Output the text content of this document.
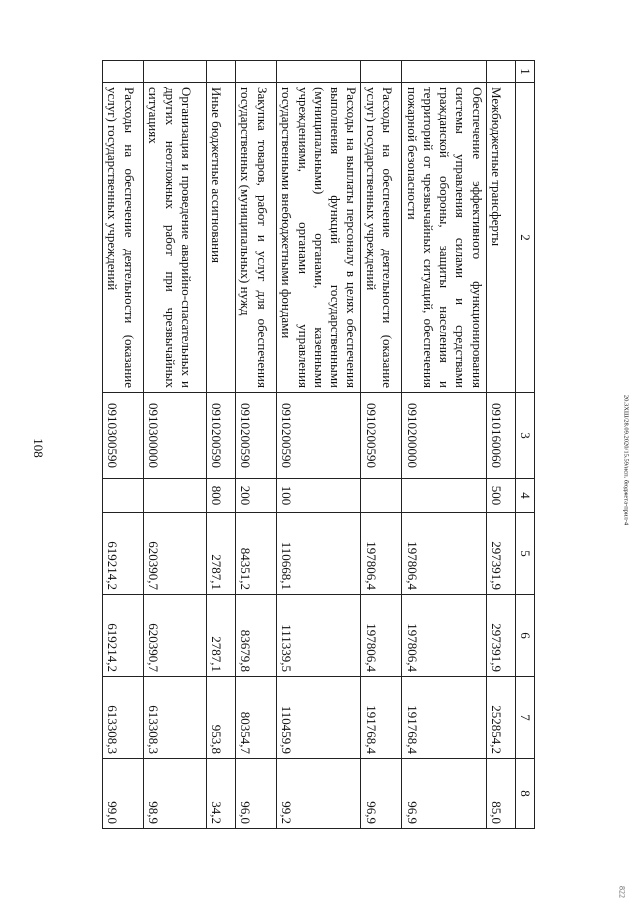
108
1	2	3	4	5	6	7	8
	Межбюджетные трансферты	0910160060	500	297391,9	297391,9	252854,2	85,0
	Обеспечение эффективного функционирования системы управления силами и средствами гражданской обороны, защиты населения и территорий от чрезвычайных ситуаций, обеспечения пожарной безопасности	0910200000		197806,4	197806,4	191768,4	96,9
	Расходы на обеспечение деятельности (оказание услуг) государственных учреждений	0910200590		197806,4	197806,4	191768,4	96,9
	Расходы на выплаты персоналу в целях обеспечения выполнения функций государственными (муниципальными) органами, казенными учреждениями, органами управления государственными внебюджетными фондами	0910200590	100	110668,1	111339,5	110459,9	99,2
	Закупка товаров, работ и услуг для обеспечения государственных (муниципальных) нужд	0910200590	200	84351,2	83679,8	80354,7	96,0
	Иные бюджетные ассигнования	0910200590	800	2787,1	2787,1	953,8	34,2
	Организация и проведение аварийно-спасательных и других неотложных работ при чрезвычайных ситуациях	0910300000		620390,7	620390,7	613308,3	98,9
	Расходы на обеспечение деятельности (оказание услуг) государственных учреждений	0910300590		619214,2	619214,2	613308,3	99,0
20.3ХШ/28.09.2020/15.59/исп. бюджета-прил-4
822
